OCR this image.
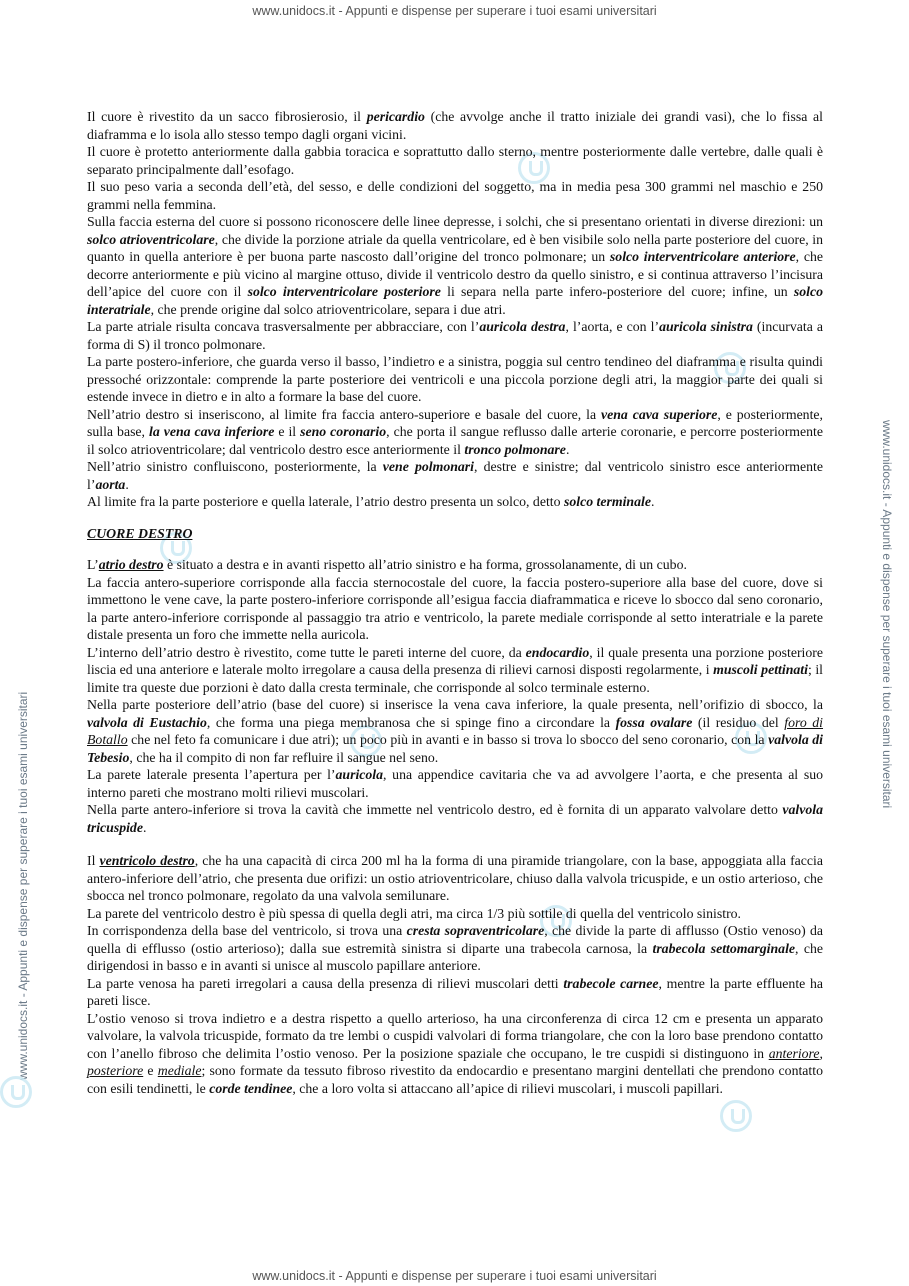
www.unidocs.it - Appunti e dispense per superare i tuoi esami universitari
www.unidocs.it - Appunti e dispense per superare i tuoi esami universitari
www.unidocs.it - Appunti e dispense per superare i tuoi esami universitari
www.unidocs.it - Appunti e dispense per superare i tuoi esami universitari

Il cuore è rivestito da un sacco fibrosierosio, il pericardio (che avvolge anche il tratto iniziale dei grandi vasi), che lo fissa al diaframma e lo isola allo stesso tempo dagli organi vicini.

Il cuore è protetto anteriormente dalla gabbia toracica e soprattutto dallo sterno, mentre posteriormente dalle vertebre, dalle quali è separato principalmente dall’esofago.

Il suo peso varia a seconda dell’età, del sesso, e delle condizioni del soggetto, ma in media pesa 300 grammi nel maschio e 250 grammi nella femmina.

Sulla faccia esterna del cuore si possono riconoscere delle linee depresse, i solchi, che si presentano orientati in diverse direzioni: un solco atrioventricolare, che divide la porzione atriale da quella ventricolare, ed è ben visibile solo nella parte posteriore del cuore, in quanto in quella anteriore è per buona parte nascosto dall’origine del tronco polmonare; un solco interventricolare anteriore, che decorre anteriormente e più vicino al margine ottuso, divide il ventricolo destro da quello sinistro, e si continua attraverso l’incisura dell’apice del cuore con il solco interventricolare posteriore li separa nella parte infero-posteriore del cuore; infine, un solco interatriale, che prende origine dal solco atrioventricolare, separa i due atri.

La parte atriale risulta concava trasversalmente per abbracciare, con l’auricola destra, l’aorta, e con l’auricola sinistra (incurvata a forma di S) il tronco polmonare.

La parte postero-inferiore, che guarda verso il basso, l’indietro e a sinistra, poggia sul centro tendineo del diaframma e risulta quindi pressoché orizzontale: comprende la parte posteriore dei ventricoli e una piccola porzione degli atri, la maggior parte dei quali si estende invece in dietro e in alto a formare la base del cuore.

Nell’atrio destro si inseriscono, al limite fra faccia antero-superiore e basale del cuore, la vena cava superiore, e posteriormente, sulla base, la vena cava inferiore e il seno coronario, che porta il sangue reflusso dalle arterie coronarie, e percorre posteriormente il solco atrioventricolare; dal ventricolo destro esce anteriormente il tronco polmonare.

Nell’atrio sinistro confluiscono, posteriormente, la vene polmonari, destre e sinistre; dal ventricolo sinistro esce anteriormente l’aorta.

Al limite fra la parte posteriore e quella laterale, l’atrio destro presenta un solco, detto solco terminale.

CUORE DESTRO

L’atrio destro è situato a destra e in avanti rispetto all’atrio sinistro e ha forma, grossolanamente, di un cubo.

La faccia antero-superiore corrisponde alla faccia sternocostale del cuore, la faccia postero-superiore alla base del cuore, dove si immettono le vene cave, la parte postero-inferiore corrisponde all’esigua faccia diaframmatica e riceve lo sbocco dal seno coronario, la parte antero-inferiore corrisponde al passaggio tra atrio e ventricolo, la parete mediale corrisponde al setto interatriale e la parete distale presenta un foro che immette nella auricola.

L’interno dell’atrio destro è rivestito, come tutte le pareti interne del cuore, da endocardio, il quale presenta una porzione posteriore liscia ed una anteriore e laterale molto irregolare a causa della presenza di rilievi carnosi disposti regolarmente, i muscoli pettinati; il limite tra queste due porzioni è dato dalla cresta terminale, che corrisponde al solco terminale esterno.

Nella parte posteriore dell’atrio (base del cuore) si inserisce la vena cava inferiore, la quale presenta, nell’orifizio di sbocco, la valvola di Eustachio, che forma una piega membranosa che si spinge fino a circondare la fossa ovalare (il residuo del foro di Botallo che nel feto fa comunicare i due atri); un poco più in avanti e in basso si trova lo sbocco del seno coronario, con la valvola di Tebesio, che ha il compito di non far refluire il sangue nel seno.

La parete laterale presenta l’apertura per l’auricola, una appendice cavitaria che va ad avvolgere l’aorta, e che presenta al suo interno pareti che mostrano molti rilievi muscolari.

Nella parte antero-inferiore si trova la cavità che immette nel ventricolo destro, ed è fornita di un apparato valvolare detto valvola tricuspide.

Il ventricolo destro, che ha una capacità di circa 200 ml ha la forma di una piramide triangolare, con la base, appoggiata alla faccia antero-inferiore dell’atrio, che presenta due orifizi: un ostio atrioventricolare, chiuso dalla valvola tricuspide, e un ostio arterioso, che sbocca nel tronco polmonare, regolato da una valvola semilunare.

La parete del ventricolo destro è più spessa di quella degli atri, ma circa 1/3 più sottile di quella del ventricolo sinistro.

In corrispondenza della base del ventricolo, si trova una cresta sopraventricolare, che divide la parte di afflusso (Ostio venoso) da quella di efflusso (ostio arterioso); dalla sue estremità sinistra si diparte una trabecola carnosa, la trabecola settomarginale, che dirigendosi in basso e in avanti si unisce al muscolo papillare anteriore.

La parte venosa ha pareti irregolari a causa della presenza di rilievi muscolari detti trabecole carnee, mentre la parte effluente ha pareti lisce.

L’ostio venoso si trova indietro e a destra rispetto a quello arterioso, ha una circonferenza di circa 12 cm e presenta un apparato valvolare, la valvola tricuspide, formato da tre lembi o cuspidi valvolari di forma triangolare, che con la loro base prendono contatto con l’anello fibroso che delimita l’ostio venoso. Per la posizione spaziale che occupano, le tre cuspidi si distinguono in anteriore, posteriore e mediale; sono formate da tessuto fibroso rivestito da endocardio e presentano margini dentellati che prendono contatto con esili tendinetti, le corde tendinee, che a loro volta si attaccano all’apice di rilievi muscolari, i muscoli papillari.
